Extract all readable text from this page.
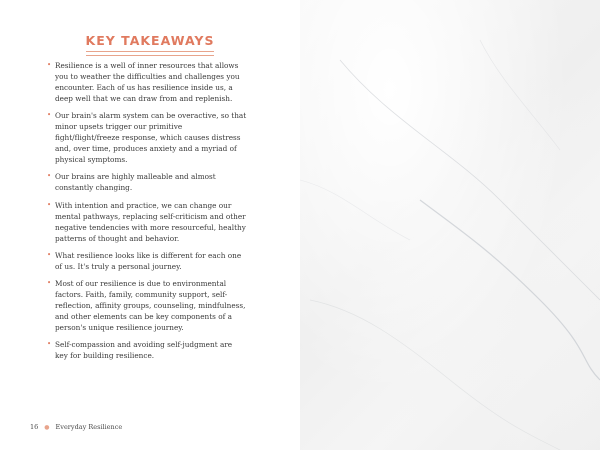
KEY TAKEAWAYS
• Resilience is a well of inner resources that allows you to weather the difficulties and challenges you encounter. Each of us has resilience inside us, a deep well that we can draw from and replenish.
• Our brain's alarm system can be overactive, so that minor upsets trigger our primitive fight/flight/freeze response, which causes distress and, over time, produces anxiety and a myriad of physical symptoms.
• Our brains are highly malleable and almost constantly changing.
• With intention and practice, we can change our mental pathways, replacing self-criticism and other negative tendencies with more resourceful, healthy patterns of thought and behavior.
• What resilience looks like is different for each one of us. It's truly a personal journey.
• Most of our resilience is due to environmental factors. Faith, family, community support, self-reflection, affinity groups, counseling, mindfulness, and other elements can be key components of a person's unique resilience journey.
• Self-compassion and avoiding self-judgment are key for building resilience.
16 ● Everyday Resilience
